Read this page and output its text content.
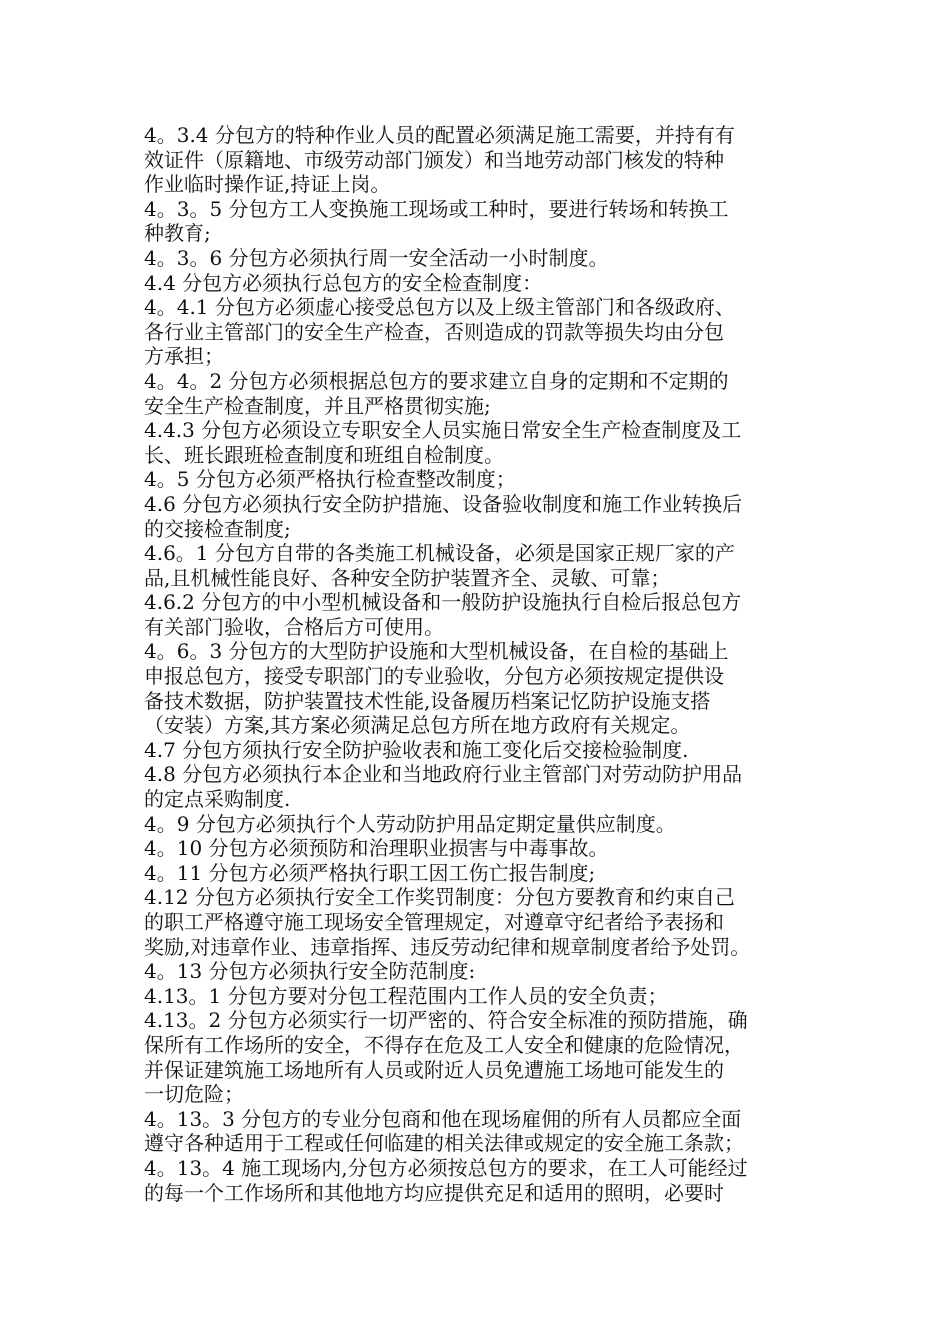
4。3.4 分包方的特种作业人员的配置必须满足施工需要，并持有有
效证件（原籍地、市级劳动部门颁发）和当地劳动部门核发的特种
作业临时操作证,持证上岗。
4。3。5 分包方工人变换施工现场或工种时，要进行转场和转换工
种教育;
4。3。6 分包方必须执行周一安全活动一小时制度。
4.4 分包方必须执行总包方的安全检查制度：
4。4.1 分包方必须虚心接受总包方以及上级主管部门和各级政府、
各行业主管部门的安全生产检查，否则造成的罚款等损失均由分包
方承担；
4。4。2 分包方必须根据总包方的要求建立自身的定期和不定期的
安全生产检查制度，并且严格贯彻实施;
4.4.3 分包方必须设立专职安全人员实施日常安全生产检查制度及工
长、班长跟班检查制度和班组自检制度。
4。5 分包方必须严格执行检查整改制度；
4.6 分包方必须执行安全防护措施、设备验收制度和施工作业转换后
的交接检查制度;
4.6。1 分包方自带的各类施工机械设备，必须是国家正规厂家的产
品,且机械性能良好、各种安全防护装置齐全、灵敏、可靠；
4.6.2 分包方的中小型机械设备和一般防护设施执行自检后报总包方
有关部门验收，合格后方可使用。
4。6。3 分包方的大型防护设施和大型机械设备，在自检的基础上
申报总包方，接受专职部门的专业验收，分包方必须按规定提供设
备技术数据，防护装置技术性能,设备履历档案记忆防护设施支搭
（安装）方案,其方案必须满足总包方所在地方政府有关规定。
4.7 分包方须执行安全防护验收表和施工变化后交接检验制度.
4.8 分包方必须执行本企业和当地政府行业主管部门对劳动防护用品
的定点采购制度.
4。9 分包方必须执行个人劳动防护用品定期定量供应制度。
4。10 分包方必须预防和治理职业损害与中毒事故。
4。11 分包方必须严格执行职工因工伤亡报告制度;
4.12 分包方必须执行安全工作奖罚制度：分包方要教育和约束自己
的职工严格遵守施工现场安全管理规定，对遵章守纪者给予表扬和
奖励,对违章作业、违章指挥、违反劳动纪律和规章制度者给予处罚。
4。13 分包方必须执行安全防范制度:
4.13。1 分包方要对分包工程范围内工作人员的安全负责；
4.13。2 分包方必须实行一切严密的、符合安全标准的预防措施，确
保所有工作场所的安全，不得存在危及工人安全和健康的危险情况，
并保证建筑施工场地所有人员或附近人员免遭施工场地可能发生的
一切危险；
4。13。3 分包方的专业分包商和他在现场雇佣的所有人员都应全面
遵守各种适用于工程或任何临建的相关法律或规定的安全施工条款；
4。13。4 施工现场内,分包方必须按总包方的要求，在工人可能经过
的每一个工作场所和其他地方均应提供充足和适用的照明，必要时
